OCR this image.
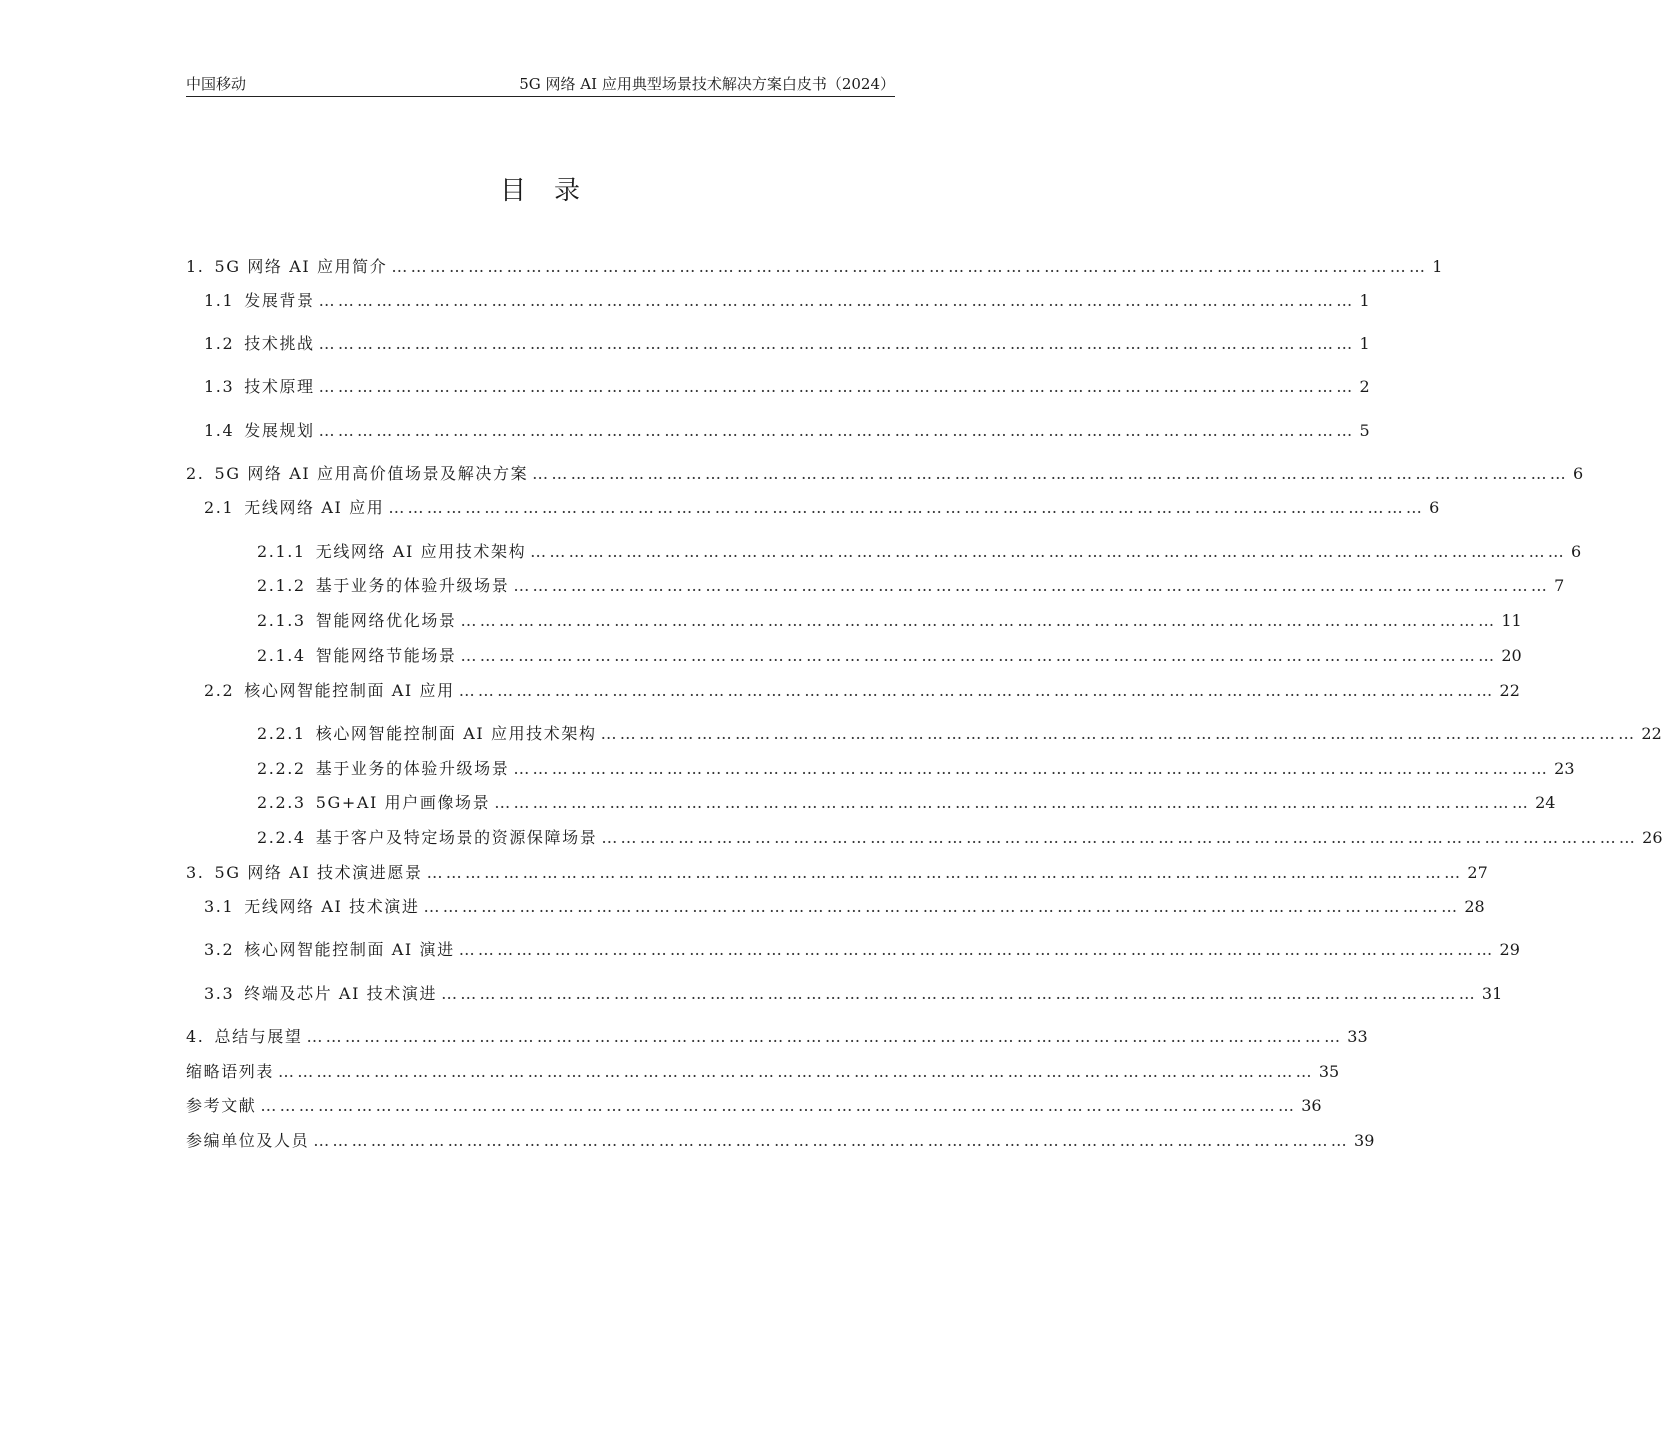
中国移动	5G 网络 AI 应用典型场景技术解决方案白皮书（2024）
目录
1. 5G 网络 AI 应用简介 ……………………………………………………………………………………………………………………………………………… 1
1.1 发展背景 ……………………………………………………………………………………………………………………………………………… 1
1.2 技术挑战 ……………………………………………………………………………………………………………………………………………… 1
1.3 技术原理 ……………………………………………………………………………………………………………………………………………… 2
1.4 发展规划 ……………………………………………………………………………………………………………………………………………… 5
2. 5G 网络 AI 应用高价值场景及解决方案 ……………………………………………………………………………………………………………………………………………… 6
2.1 无线网络 AI 应用 ……………………………………………………………………………………………………………………………………………… 6
2.1.1 无线网络 AI 应用技术架构 ……………………………………………………………………………………………………………………………………………… 6
2.1.2 基于业务的体验升级场景 ……………………………………………………………………………………………………………………………………………… 7
2.1.3 智能网络优化场景 ……………………………………………………………………………………………………………………………………………… 11
2.1.4 智能网络节能场景 ……………………………………………………………………………………………………………………………………………… 20
2.2 核心网智能控制面 AI 应用 ……………………………………………………………………………………………………………………………………………… 22
2.2.1 核心网智能控制面 AI 应用技术架构 ……………………………………………………………………………………………………………………………………………… 22
2.2.2 基于业务的体验升级场景 ……………………………………………………………………………………………………………………………………………… 23
2.2.3 5G+AI 用户画像场景 ……………………………………………………………………………………………………………………………………………… 24
2.2.4 基于客户及特定场景的资源保障场景 ……………………………………………………………………………………………………………………………………………… 26
3. 5G 网络 AI 技术演进愿景 ……………………………………………………………………………………………………………………………………………… 27
3.1 无线网络 AI 技术演进 ……………………………………………………………………………………………………………………………………………… 28
3.2 核心网智能控制面 AI 演进 ……………………………………………………………………………………………………………………………………………… 29
3.3 终端及芯片 AI 技术演进 ……………………………………………………………………………………………………………………………………………… 31
4. 总结与展望 ……………………………………………………………………………………………………………………………………………… 33
缩略语列表 ……………………………………………………………………………………………………………………………………………… 35
参考文献 ……………………………………………………………………………………………………………………………………………… 36
参编单位及人员 ……………………………………………………………………………………………………………………………………………… 39
